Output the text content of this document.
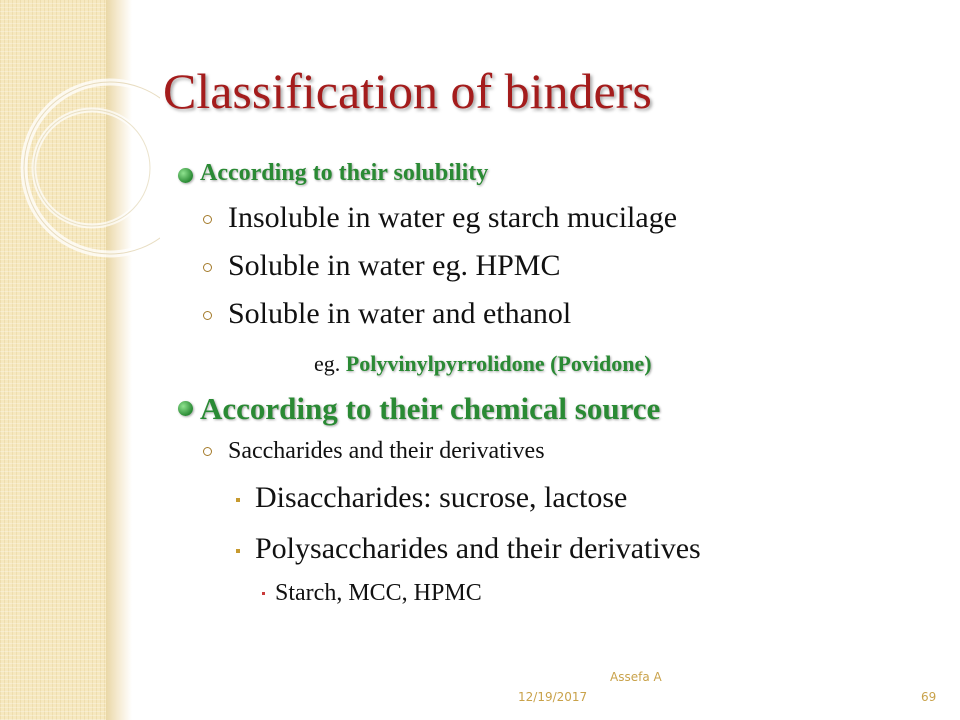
Classification of binders
According to their solubility
Insoluble in water eg starch mucilage
Soluble in water eg. HPMC
Soluble in water and ethanol
eg. Polyvinylpyrrolidone (Povidone)
According to their chemical source
Saccharides and their derivatives
Disaccharides: sucrose, lactose
Polysaccharides and their derivatives
Starch, MCC, HPMC
Assefa A
12/19/2017	69
